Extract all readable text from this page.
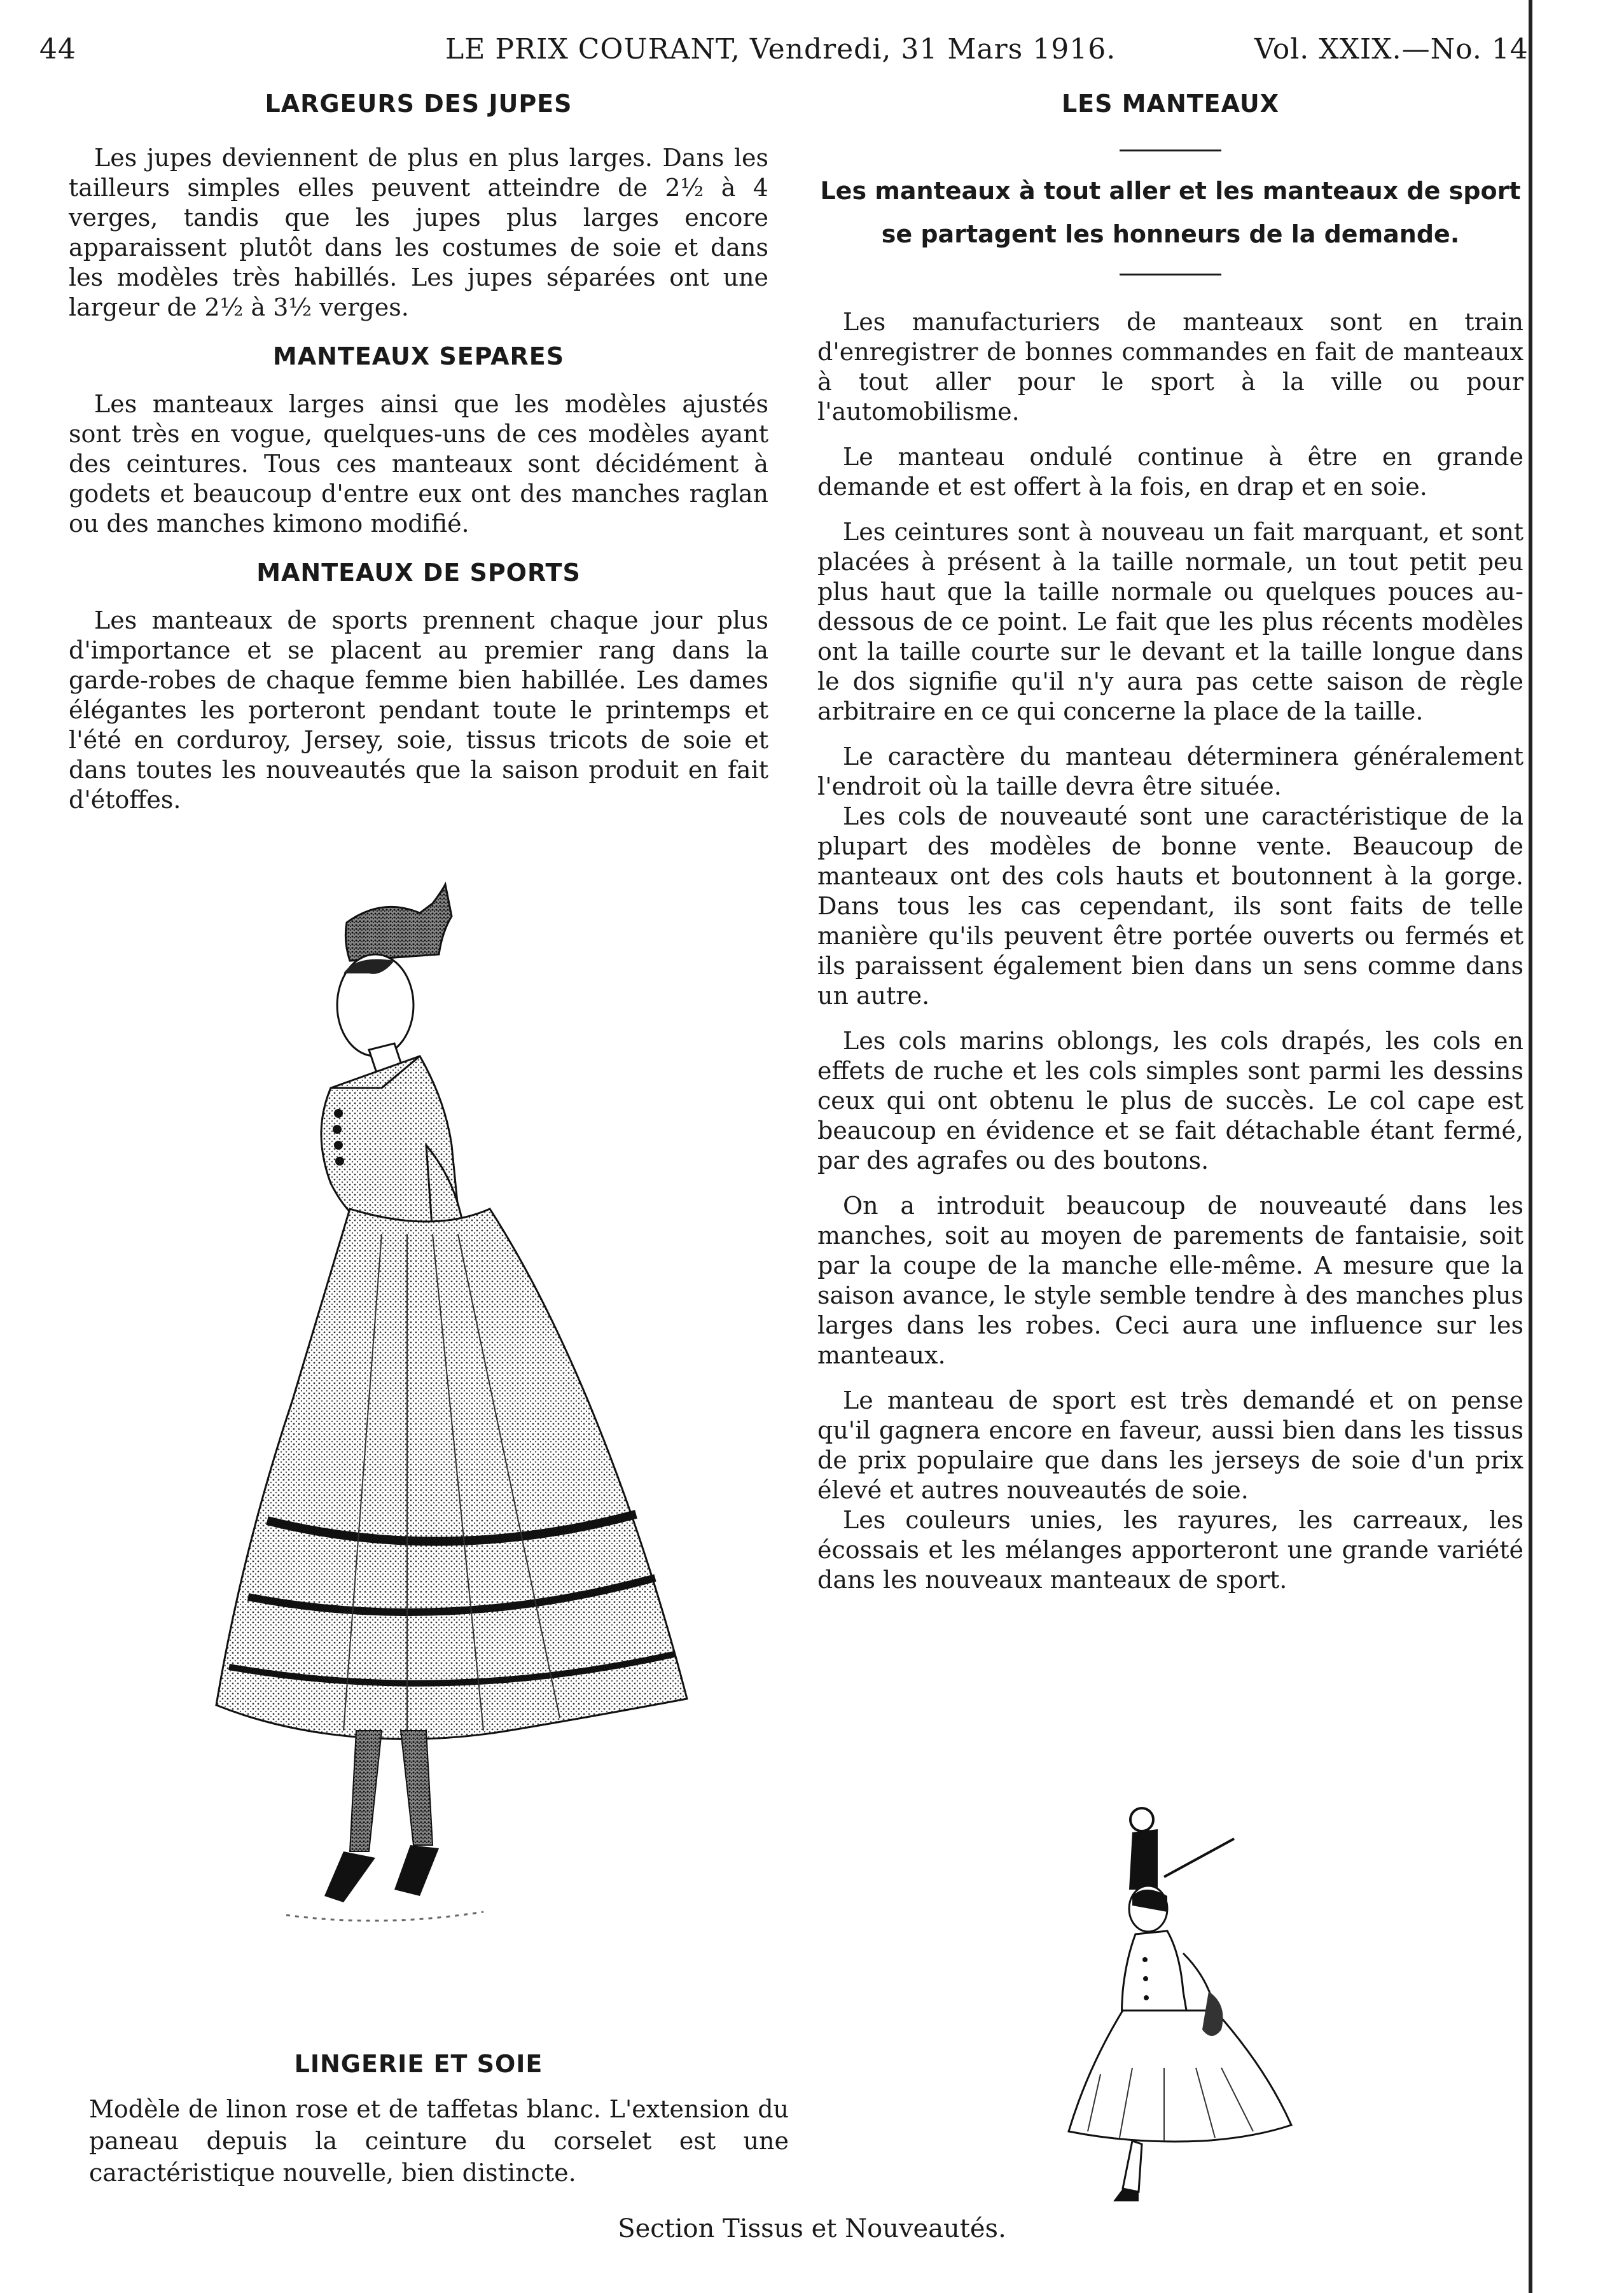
44	LE PRIX COURANT, Vendredi, 31 Mars 1916.	Vol. XXIX.—No. 14
LARGEURS DES JUPES

Les jupes deviennent de plus en plus larges. Dans les tailleurs simples elles peuvent atteindre de 2½ à 4 verges, tandis que les jupes plus larges encore apparaissent plutôt dans les costumes de soie et dans les modèles très habillés. Les jupes séparées ont une largeur de 2½ à 3½ verges.

MANTEAUX SEPARES

Les manteaux larges ainsi que les modèles ajustés sont très en vogue, quelques-uns de ces modèles ayant des ceintures. Tous ces manteaux sont décidément à godets et beaucoup d'entre eux ont des manches raglan ou des manches kimono modifié.

MANTEAUX DE SPORTS

Les manteaux de sports prennent chaque jour plus d'importance et se placent au premier rang dans la garde-robes de chaque femme bien habillée. Les dames élégantes les porteront pendant toute le printemps et l'été en corduroy, Jersey, soie, tissus tricots de soie et dans toutes les nouveautés que la saison produit en fait d'étoffes.

LINGERIE ET SOIE
Modèle de linon rose et de taffetas blanc. L'extension du paneau depuis la ceinture du corselet est une caractéristique nouvelle, bien distincte.
LES MANTEAUX
Les manteaux à tout aller et les manteaux de sport se partagent les honneurs de la demande.

Les manufacturiers de manteaux sont en train d'enregistrer de bonnes commandes en fait de manteaux à tout aller pour le sport à la ville ou pour l'automobilisme.

Le manteau ondulé continue à être en grande demande et est offert à la fois, en drap et en soie.

Les ceintures sont à nouveau un fait marquant, et sont placées à présent à la taille normale, un tout petit peu plus haut que la taille normale ou quelques pouces au-dessous de ce point. Le fait que les plus récents modèles ont la taille courte sur le devant et la taille longue dans le dos signifie qu'il n'y aura pas cette saison de règle arbitraire en ce qui concerne la place de la taille.

Le caractère du manteau déterminera généralement l'endroit où la taille devra être située.

Les cols de nouveauté sont une caractéristique de la plupart des modèles de bonne vente. Beaucoup de manteaux ont des cols hauts et boutonnent à la gorge. Dans tous les cas cependant, ils sont faits de telle manière qu'ils peuvent être portée ouverts ou fermés et ils paraissent également bien dans un sens comme dans un autre.

Les cols marins oblongs, les cols drapés, les cols en effets de ruche et les cols simples sont parmi les dessins ceux qui ont obtenu le plus de succès. Le col cape est beaucoup en évidence et se fait détachable étant fermé, par des agrafes ou des boutons.

On a introduit beaucoup de nouveauté dans les manches, soit au moyen de parements de fantaisie, soit par la coupe de la manche elle-même. A mesure que la saison avance, le style semble tendre à des manches plus larges dans les robes. Ceci aura une influence sur les manteaux.

Le manteau de sport est très demandé et on pense qu'il gagnera encore en faveur, aussi bien dans les tissus de prix populaire que dans les jerseys de soie d'un prix élevé et autres nouveautés de soie.

Les couleurs unies, les rayures, les carreaux, les écossais et les mélanges apporteront une grande variété dans les nouveaux manteaux de sport.

Section Tissus et Nouveautés.
